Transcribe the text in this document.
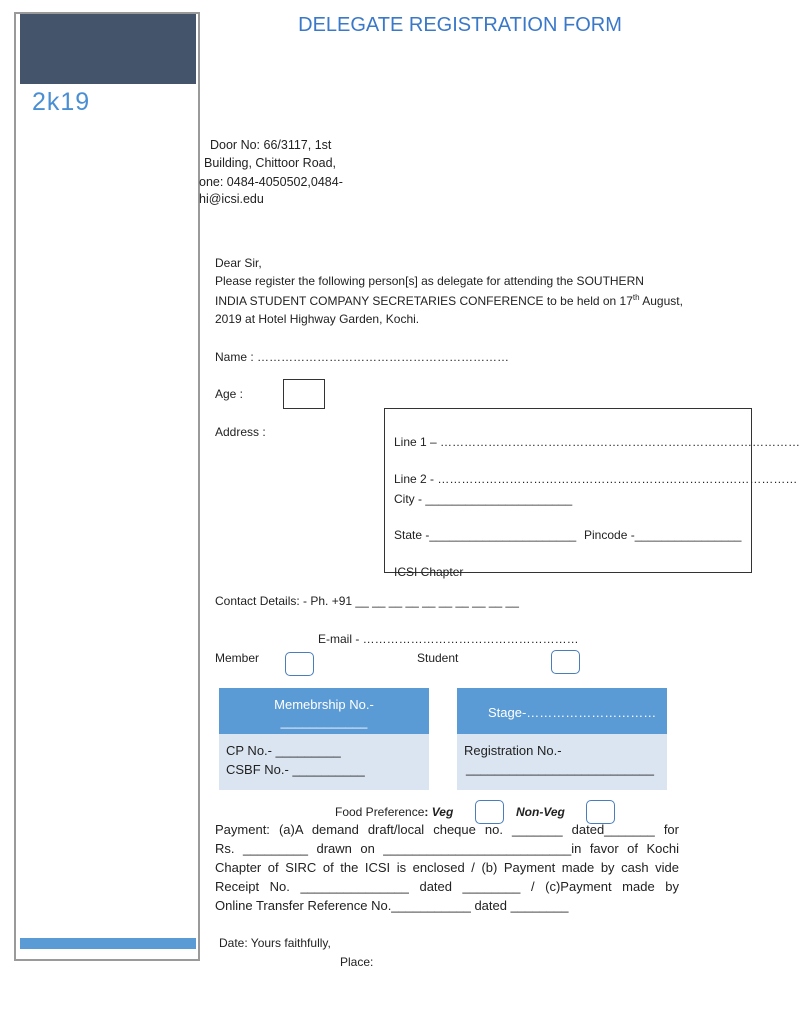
2k19
DELEGATE REGISTRATION FORM
Door No: 66/3117, 1st
Building, Chittoor Road,
one: 0484-4050502,0484-
hi@icsi.edu
Dear Sir,
Please register the following person[s] as delegate for attending the SOUTHERN
INDIA STUDENT COMPANY SECRETARIES CONFERENCE to be held on 17th August,
2019 at Hotel Highway Garden, Kochi.
Name : ………………………………………………………
Age :
Address :
Line 1 – ………………………………………………………………………………
Line 2 - ………………………………………………………………………………
City - ______________________
State -______________________ Pincode -________________
ICSI Chapter
Contact Details: - Ph. +91 __ __ __ __ __ __ __ __ __ __
E-mail - ………………………………………………
Member	Student
Memebrship No.-
____________
CP No.- _________
CSBF No.- __________
Stage-…………………………
Registration No.-
__________________________
Food Preference: Veg	Non-Veg
Payment: (a)A demand draft/local cheque no. _______ dated_______ for
Rs. _________ drawn on __________________________in favor of Kochi
Chapter of SIRC of the ICSI is enclosed / (b) Payment made by cash vide
Receipt No. _______________ dated ________ / (c)Payment made by
Online Transfer Reference No.___________ dated ________
Date: Yours faithfully,
Place:
